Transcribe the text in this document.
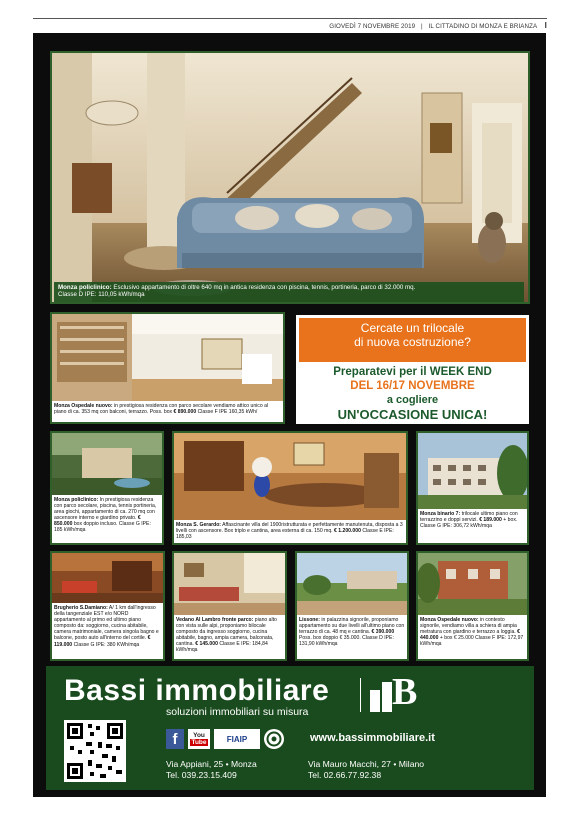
GIOVEDÌ 7 NOVEMBRE 2019 | IL CITTADINO DI MONZA E BRIANZA I
Monza policlinico: Esclusivo appartamento di oltre 640 mq in antica residenza con piscina, tennis, portineria, parco di 32.000 mq.
Classe D IPE: 110,05 kWh/mqa
Monza Ospedale nuovo: in prestigiosa residenza con parco secolare vendiamo attico unico al piano di ca. 353 mq con balconi, terrazzo. Poss. box € 890.000 Classe F IPE 160,35 kWh/
Cercate un trilocale
di nuova costruzione?
Preparatevi per il WEEK END
DEL 16/17 NOVEMBRE
a cogliere
UN'OCCASIONE UNICA!
Monza policlinico: In prestigiosa residenza con parco secolare, piscina, tennis portineria, area giochi, appartamento di ca. 270 mq con ascensore interno e giardino privato. € 850.000 box doppio incluso. Classe G IPE: 185 kWh/mqa
Monza S. Gerardo: Affascinante villa del 1900ristrutturata e perfettamente manutenuta, disposta a 3 livelli con ascensore. Box triplo e cantina, area esterna di ca. 150 mq. € 1.200.000 Classe E IPE: 185,03
Monza binario 7: trilocale ultimo piano con terrazzino e doppi servizi. € 189.000 + box. Classe G IPE: 306,72 kWh/mqa
Brugherio S.Damiano: A/ 1 km dall'ingresso della tangenziale EST e/o NORD appartamento al primo ed ultimo piano composto da: soggiorno, cucina abitabile, camera matrimoniale, camera singola bagno e balcone, posto auto all'interno del cortile. € 119.000 Classe G IPE: 380 KWh/mqa
Vedano Al Lambro fronte parco: piano alto con vista sulle alpi, proponiamo bilocale composto da ingresso soggiorno, cucina abitabile, bagno, ampia camera, balconata, cantina. € 145.000 Classe E IPE: 184,84 kWh/mqa
Lissone: in palazzina signorile, proponiamo appartamento su due livelli all'ultimo piano con terrazzo di ca. 48 mq e cantina. € 390.000 Poss. box doppio € 35.000. Classe D IPE: 131,90 kWh/mqa
Monza Ospedale nuovo: in contesto signorile, vendiamo villa a schiera di ampia metratura con giardino e terrazzo a loggia. € 440.000 + box € 25.000 Classe F IPE: 172,97 kWh/mqa
Bassi immobiliare
soluzioni immobiliari su misura B
f You
Tube	FIAIP	www.bassimmobiliare.it
Via Appiani, 25 • Monza
Tel. 039.23.15.409
Via Mauro Macchi, 27 • Milano
Tel. 02.66.77.92.38
